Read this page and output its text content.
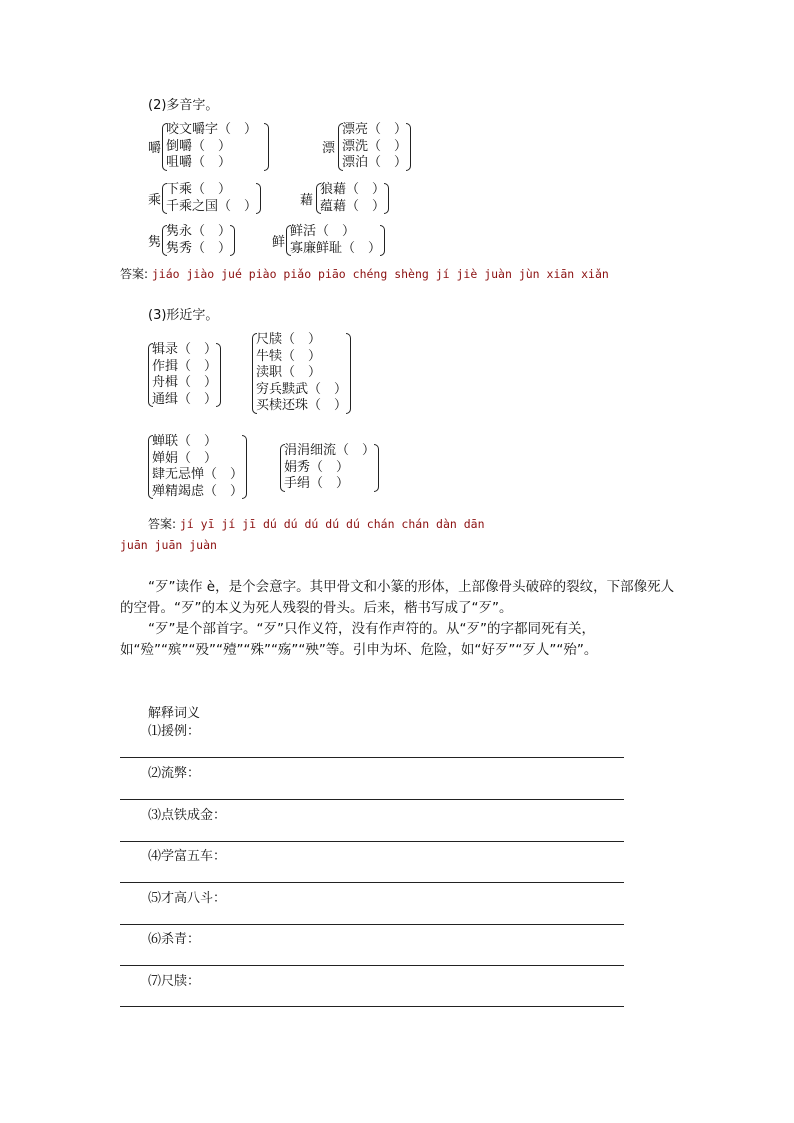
(2)多音字。
嚼
咬文嚼字（　）
倒嚼（　）
咀嚼（　）
漂
漂亮（　）
漂洗（　）
漂泊（　）
乘
下乘（　）
千乘之国（　）	藉
狼藉（　）
蕴藉（　）
隽
隽永（　）
隽秀（　）	鲜
鲜活（　）
寡廉鲜耻（　）
答案: jiáo jiào jué piào piǎo piāo chéng shèng jí jiè juàn jùn xiān xiǎn
(3)形近字。
辑录（　）
作揖（　）
舟楫（　）
通缉（　）
尺牍（　）
牛犊（　）
渎职（　）
穷兵黩武（　）
买椟还珠（　）
蝉联（　）
婵娟（　）
肆无忌惮（　）
殚精竭虑（　）
涓涓细流（　）
娟秀（　）
手绢（　）
答案: jí yī jí jī dú dú dú dú dú chán chán dàn dān
juān juān juàn
“歹”读作 è，是个会意字。其甲骨文和小篆的形体，上部像骨头破碎的裂纹，下部像死人的空骨。“歹”的本义为死人残裂的骨头。后来，楷书写成了“歹”。
“歹”是个部首字。“歹”只作义符，没有作声符的。从“歹”的字都同死有关，如“殓”“殡”“殁”“殪”“殊”“殇”“殃”等。引申为坏、危险，如“好歹”“歹人”“殆”。
解释词义
⑴援例：
⑵流弊：
⑶点铁成金：
⑷学富五车：
⑸才高八斗：
⑹杀青：
⑺尺牍：
